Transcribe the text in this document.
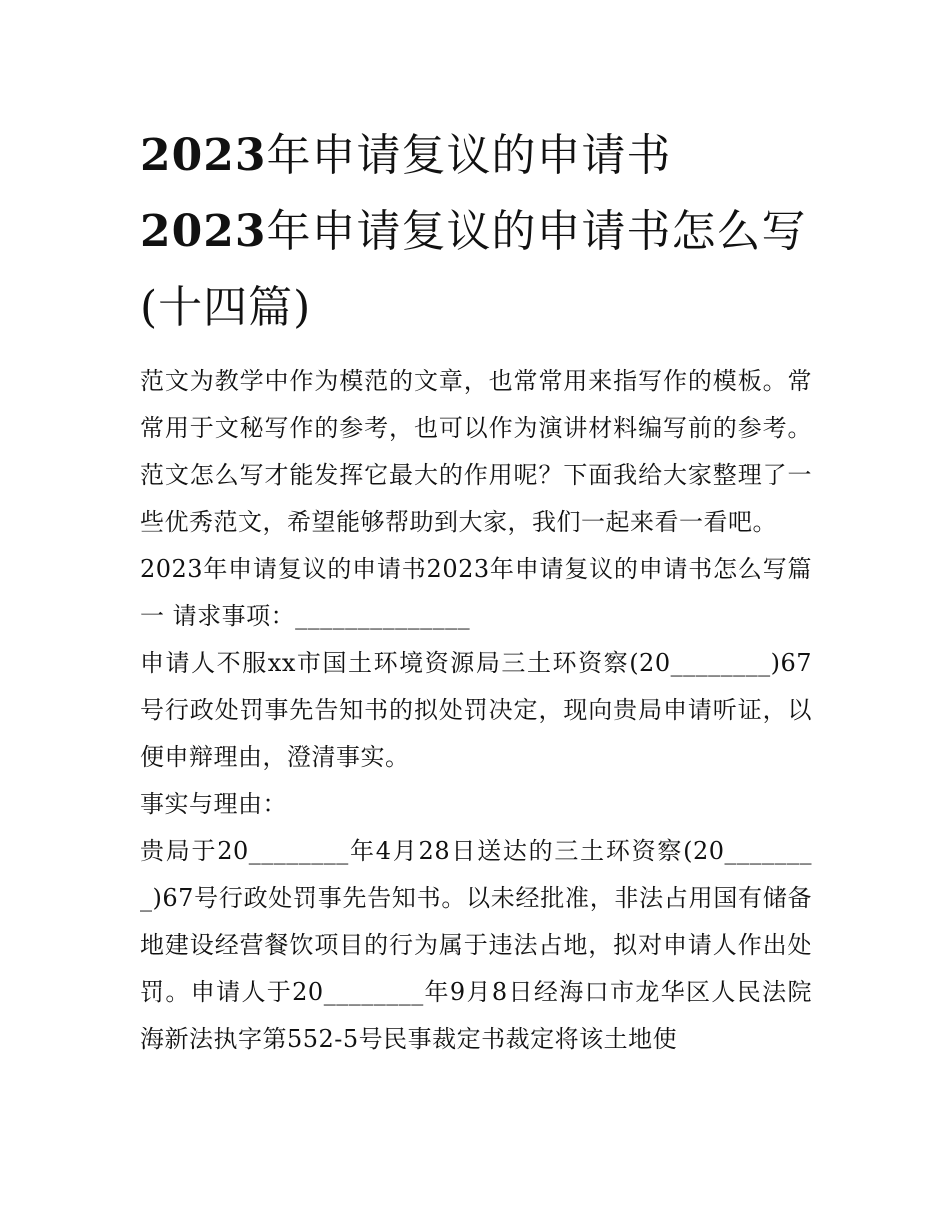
2023年申请复议的申请书
2023年申请复议的申请书怎么写(十四篇)

范文为教学中作为模范的文章，也常常用来指写作的模板。常常用于文秘写作的参考，也可以作为演讲材料编写前的参考。范文怎么写才能发挥它最大的作用呢？下面我给大家整理了一些优秀范文，希望能够帮助到大家，我们一起来看一看吧。

2023年申请复议的申请书2023年申请复议的申请书怎么写篇一 请求事项：______________

申请人不服xx市国土环境资源局三土环资察(20________)67号行政处罚事先告知书的拟处罚决定，现向贵局申请听证，以便申辩理由，澄清事实。

事实与理由：

贵局于20________年4月28日送达的三土环资察(20________)67号行政处罚事先告知书。以未经批准，非法占用国有储备地建设经营餐饮项目的行为属于违法占地，拟对申请人作出处罚。申请人于20________年9月8日经海口市龙华区人民法院海新法执字第552-5号民事裁定书裁定将该土地使
